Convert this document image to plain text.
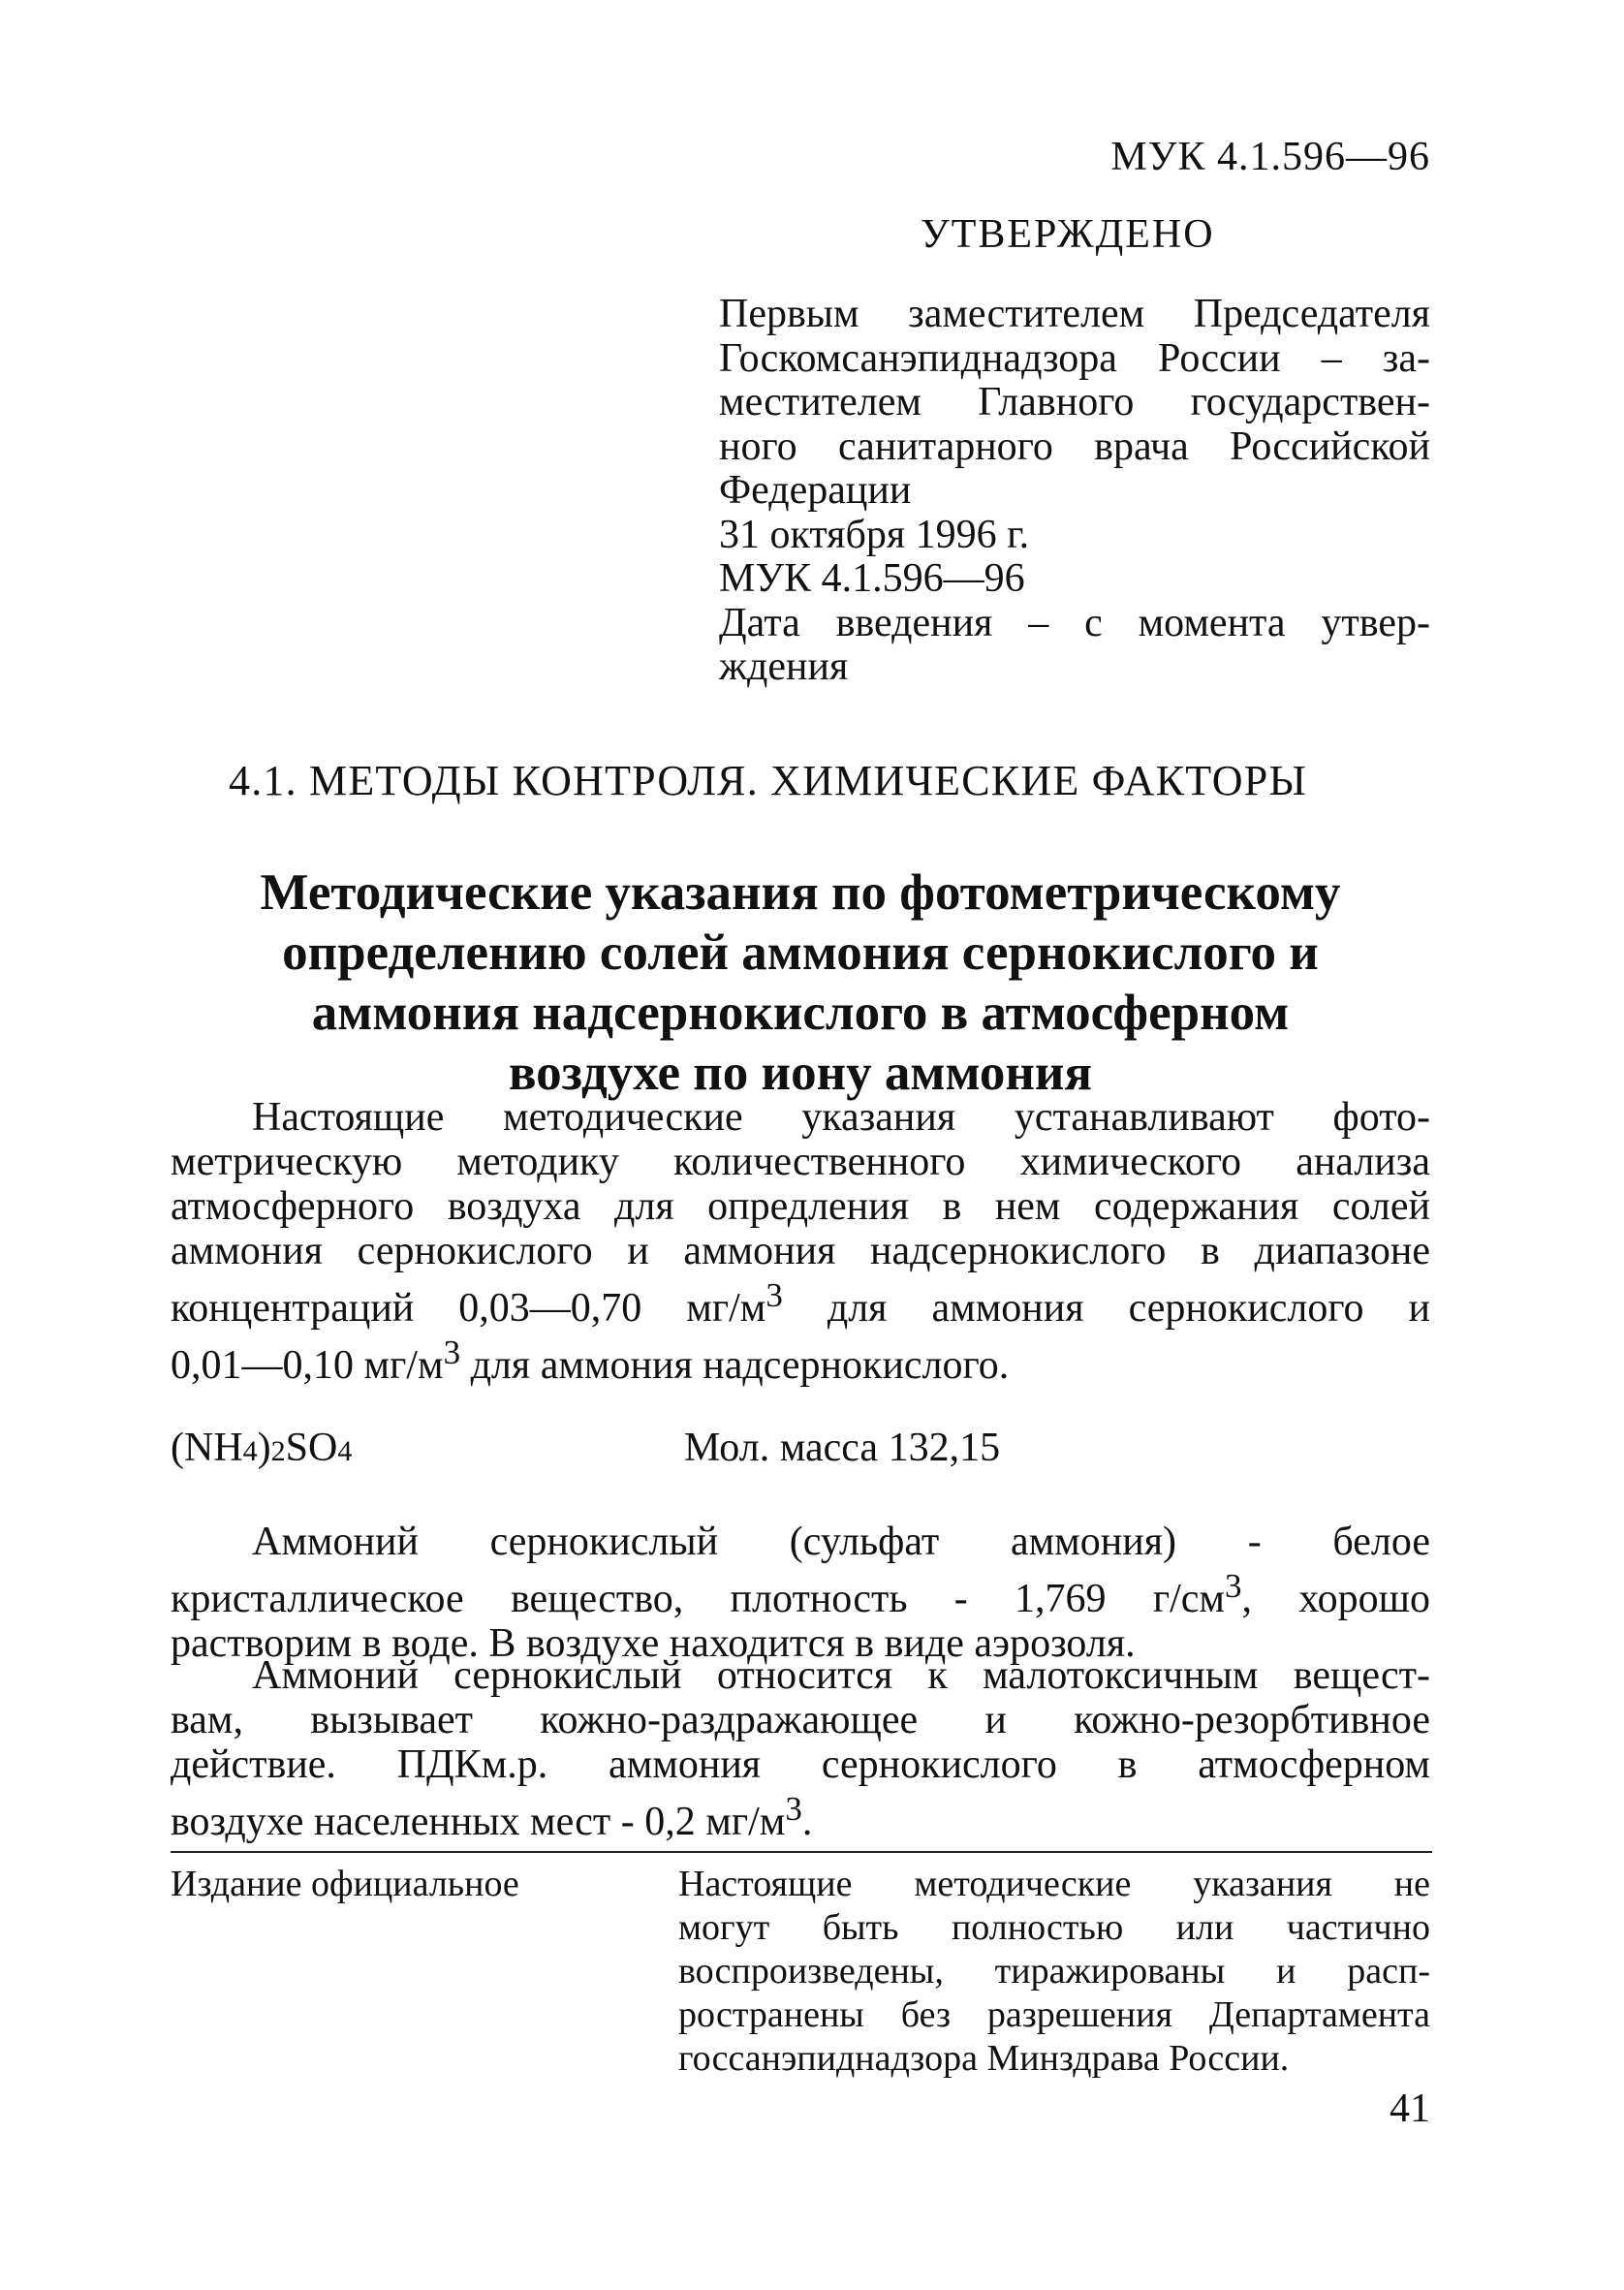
МУК 4.1.596—96
УТВЕРЖДЕНО
Первым заместителем Председателя
Госкомсанэпиднадзора России – за-
местителем Главного государствен-
ного санитарного врача Российской
Федерации
31 октября 1996 г.
МУК 4.1.596—96
Дата введения – с момента утвер-
ждения
4.1. МЕТОДЫ КОНТРОЛЯ. ХИМИЧЕСКИЕ ФАКТОРЫ
Методические указания по фотометрическому
определению солей аммония сернокислого и
аммония надсернокислого в атмосферном
воздухе по иону аммония
Настоящие методические указания устанавливают фото-
метрическую методику количественного химического анализа
атмосферного воздуха для опредления в нем содержания солей
аммония сернокислого и аммония надсернокислого в диапазоне
концентраций 0,03—0,70 $мг/м^3$ для аммония сернокислого и
0,01—0,10 $мг/м^3$ для аммония надсернокислого.
(NH4)2SO4	Мол. масса 132,15
Аммоний сернокислый (сульфат аммония) - белое
кристаллическое вещество, плотность - 1,769 $г/см^3$, хорошо
растворим в воде. В воздухе находится в виде аэрозоля.
Аммоний сернокислый относится к малотоксичным вещест-
вам, вызывает кожно-раздражающее и кожно-резорбтивное
действие. ПДКм.р. аммония сернокислого в атмосферном
воздухе населенных мест - 0,2 $мг/м^3$.
Издание официальное	Настоящие методические указания не
могут быть полностью или частично
воспроизведены, тиражированы и расп-
ространены без разрешения Департамента
госсанэпиднадзора Минздрава России.
41
